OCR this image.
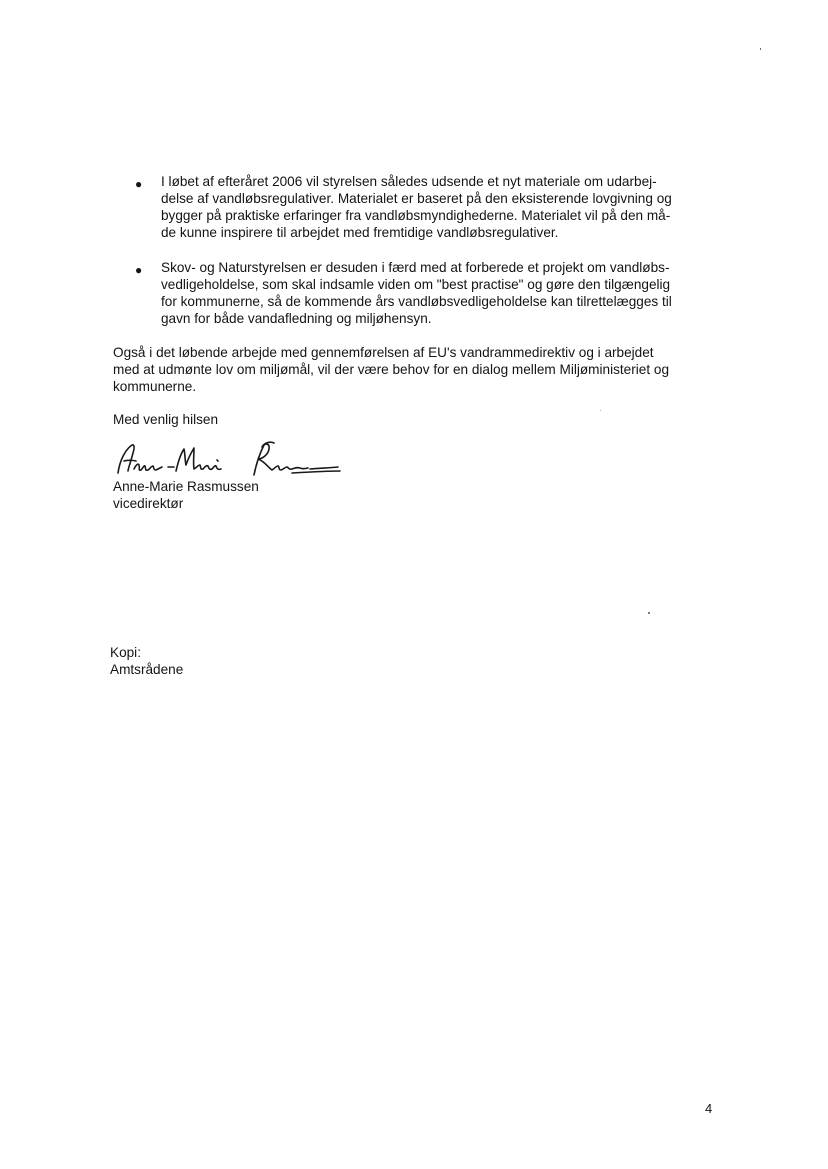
● I løbet af efteråret 2006 vil styrelsen således udsende et nyt materiale om udarbej-
delse af vandløbsregulativer. Materialet er baseret på den eksisterende lovgivning og
bygger på praktiske erfaringer fra vandløbsmyndighederne. Materialet vil på den må-
de kunne inspirere til arbejdet med fremtidige vandløbsregulativer.
● Skov- og Naturstyrelsen er desuden i færd med at forberede et projekt om vandløbs-
vedligeholdelse, som skal indsamle viden om "best practise" og gøre den tilgængelig
for kommunerne, så de kommende års vandløbsvedligeholdelse kan tilrettelægges til
gavn for både vandafledning og miljøhensyn.
Også i det løbende arbejde med gennemførelsen af EU's vandrammedirektiv og i arbejdet
med at udmønte lov om miljømål, vil der være behov for en dialog mellem Miljøministeriet og
kommunerne.
Med venlig hilsen
Anne-Marie Rasmussen
vicedirektør
Kopi:
Amtsrådene
4
